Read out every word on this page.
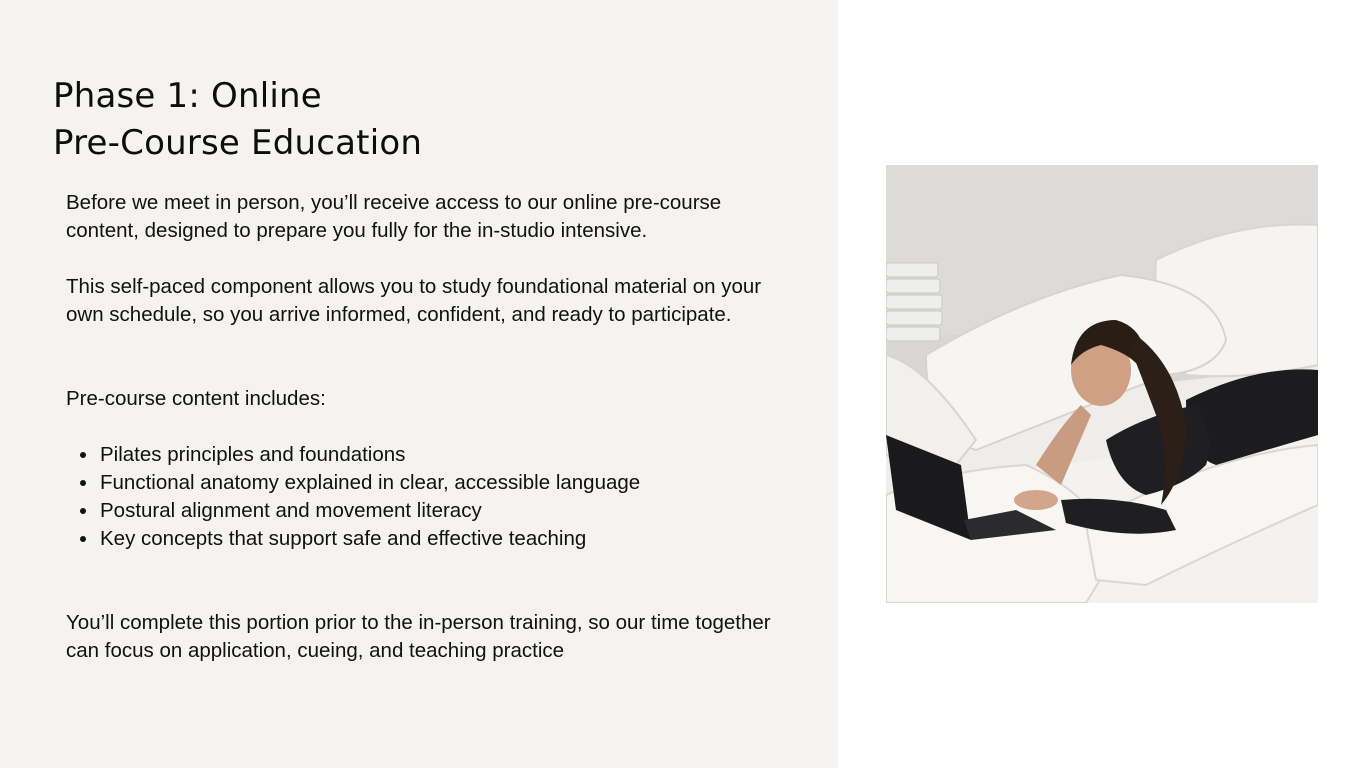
Phase 1: Online
Pre-Course Education

Before we meet in person, you’ll receive access to our online pre-course content, designed to prepare you fully for the in-studio intensive.

This self-paced component allows you to study foundational material on your own schedule, so you arrive informed, confident, and ready to participate.

Pre-course content includes:

Pilates principles and foundations
Functional anatomy explained in clear, accessible language
Postural alignment and movement literacy
Key concepts that support safe and effective teaching

You’ll complete this portion prior to the in-person training, so our time together can focus on application, cueing, and teaching practice
